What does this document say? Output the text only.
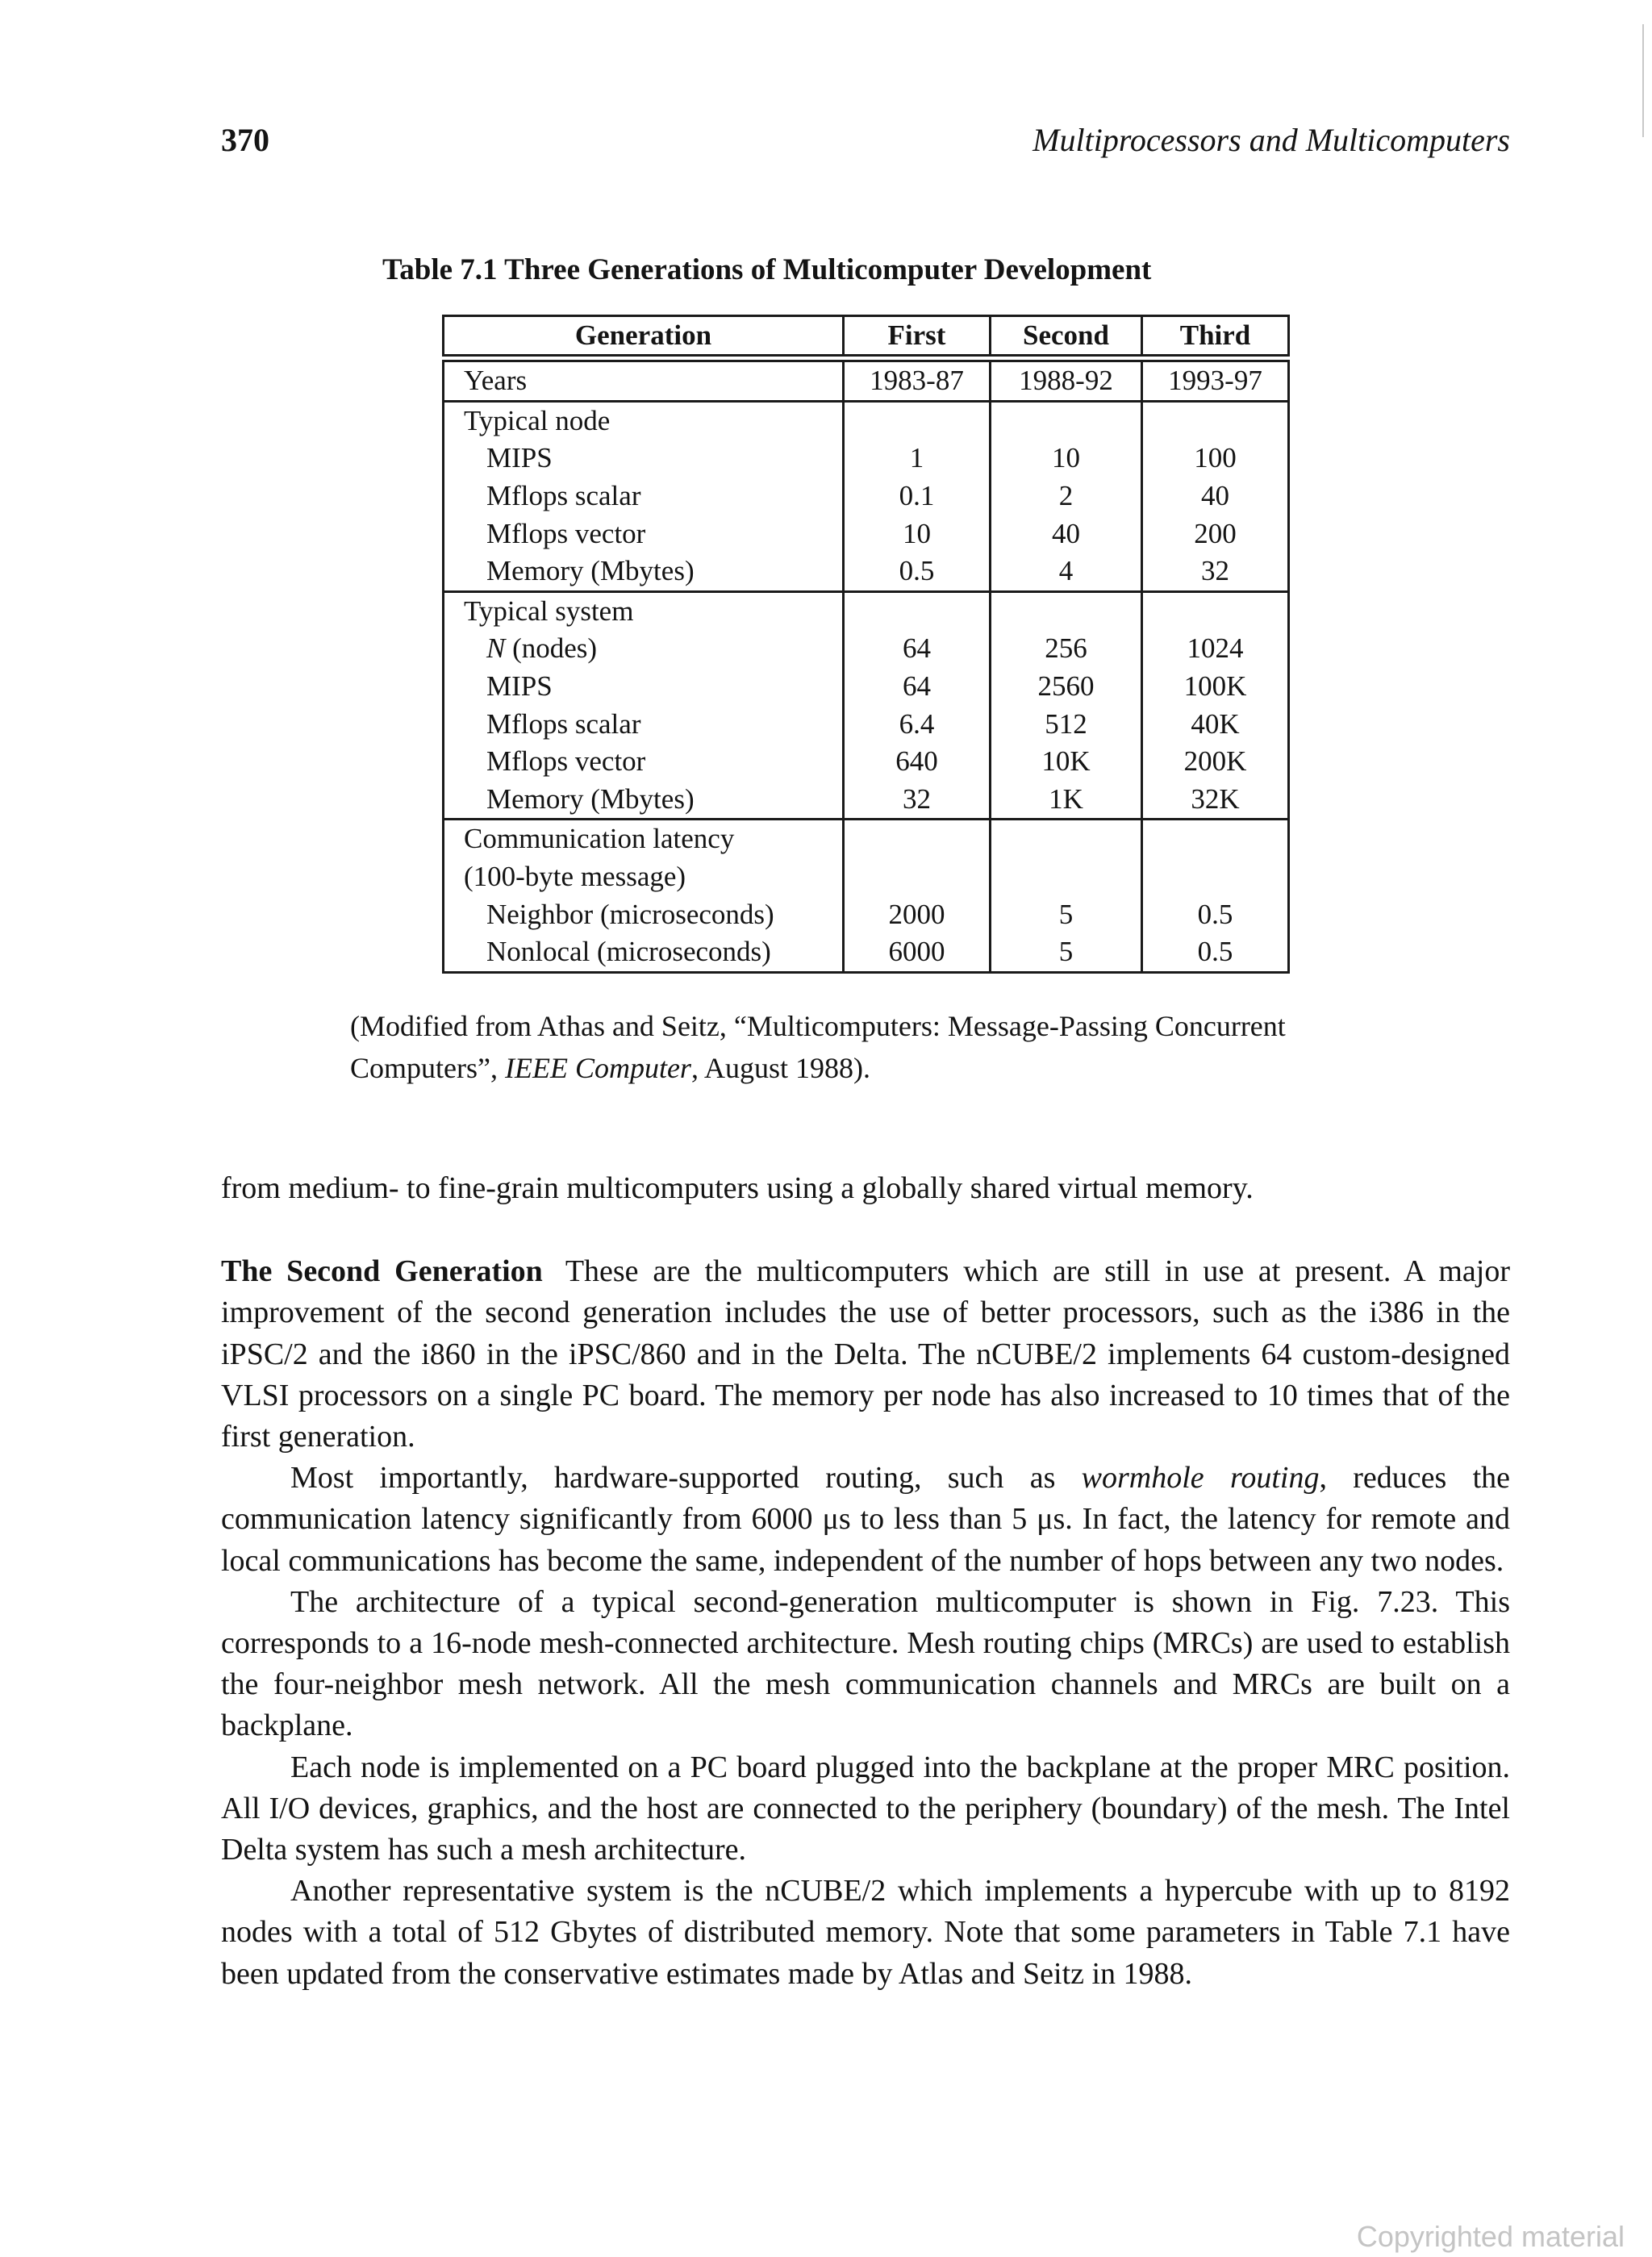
370	Multiprocessors and Multicomputers
Table 7.1 Three Generations of Multicomputer Development
Generation	First	Second	Third

Years	1983-87	1988-92	1993-97
Typical node			
MIPS	1	10	100
Mflops scalar	0.1	2	40
Mflops vector	10	40	200
Memory (Mbytes)	0.5	4	32
Typical system			
N (nodes)	64	256	1024
MIPS	64	2560	100K
Mflops scalar	6.4	512	40K
Mflops vector	640	10K	200K
Memory (Mbytes)	32	1K	32K
Communication latency			
(100-byte message)			
Neighbor (microseconds)	2000	5	0.5
Nonlocal (microseconds)	6000	5	0.5
(Modified from Athas and Seitz, “Multicomputers: Message-Passing Concurrent Computers”, IEEE Computer, August 1988).

from medium- to fine-grain multicomputers using a globally shared virtual memory.

The Second Generation These are the multicomputers which are still in use at present. A major improvement of the second generation includes the use of better processors, such as the i386 in the iPSC/2 and the i860 in the iPSC/860 and in the Delta. The nCUBE/2 implements 64 custom-designed VLSI processors on a single PC board. The memory per node has also increased to 10 times that of the first generation.

Most importantly, hardware-supported routing, such as wormhole routing, reduces the communication latency significantly from 6000 μs to less than 5 μs. In fact, the latency for remote and local communications has become the same, independent of the number of hops between any two nodes.

The architecture of a typical second-generation multicomputer is shown in Fig. 7.23. This corresponds to a 16-node mesh-connected architecture. Mesh routing chips (MRCs) are used to establish the four-neighbor mesh network. All the mesh communication channels and MRCs are built on a backplane.

Each node is implemented on a PC board plugged into the backplane at the proper MRC position. All I/O devices, graphics, and the host are connected to the periphery (boundary) of the mesh. The Intel Delta system has such a mesh architecture.

Another representative system is the nCUBE/2 which implements a hypercube with up to 8192 nodes with a total of 512 Gbytes of distributed memory. Note that some parameters in Table 7.1 have been updated from the conservative estimates made by Atlas and Seitz in 1988.

Copyrighted material
